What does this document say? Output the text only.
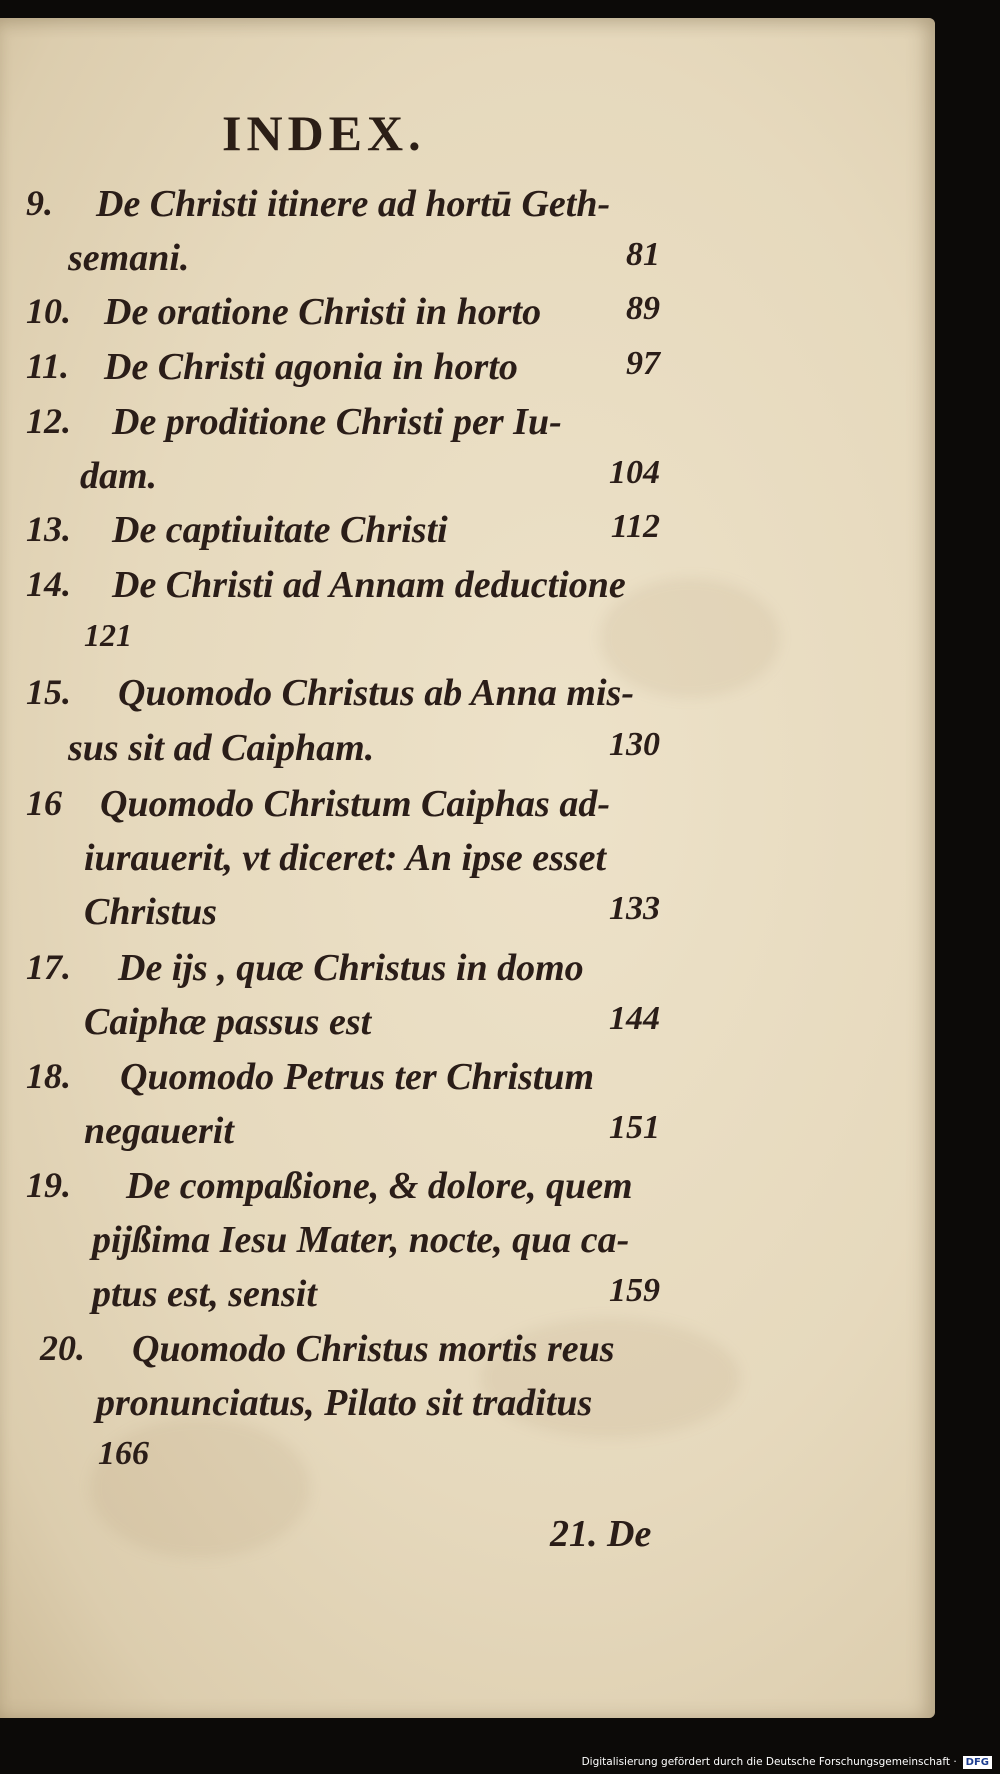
INDEX.
9. De Christi itinere ad hortū Geth-
semani.	81
10. De oratione Christi in horto 89
11. De Christi agonia in horto	97
12. De proditione Christi per Iu-
dam.	104
13. De captiuitate Christi	112
14. De Christi ad Annam deductione
121
15. Quomodo Christus ab Anna mis-
sus sit ad Caipham.	130
16 Quomodo Christum Caiphas ad-
iurauerit, vt diceret: An ipse esset
Christus	133
17. De ijs , quæ Christus in domo
Caiphæ passus est	144
18. Quomodo Petrus ter Christum
negauerit	151
19. De compaßione, & dolore, quem
pijßima Iesu Mater, nocte, qua ca-
ptus est, sensit	159
20. Quomodo Christus mortis reus
pronunciatus, Pilato sit traditus
166
21. De
Digitalisierung gefördert durch die Deutsche Forschungsgemeinschaft · DFG
